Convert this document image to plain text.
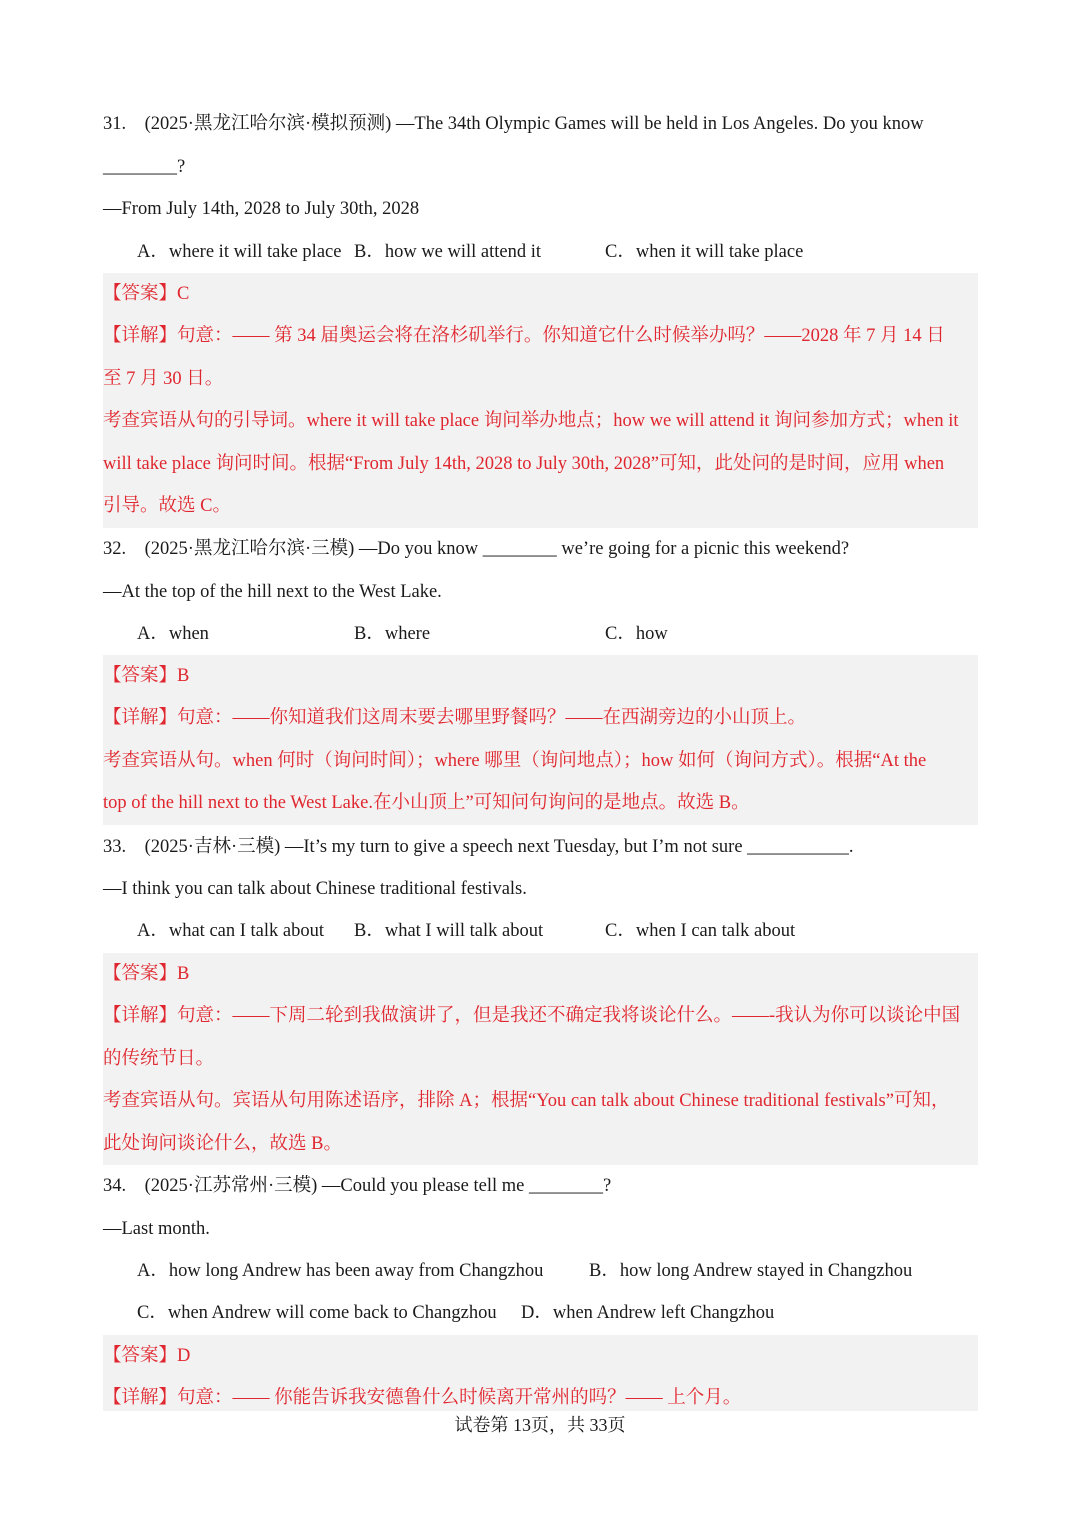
31.　(2025·黑龙江哈尔滨·模拟预测) —The 34th Olympic Games will be held in Los Angeles. Do you know
________?
—From July 14th, 2028 to July 30th, 2028
A．where it will take place B．how we will attend it	C．when it will take place
【答案】C
【详解】句意：—— 第 34 届奥运会将在洛杉矶举行。你知道它什么时候举办吗？——2028 年 7 月 14 日
至 7 月 30 日。
考查宾语从句的引导词。where it will take place 询问举办地点；how we will attend it 询问参加方式；when it
will take place 询问时间。根据“From July 14th, 2028 to July 30th, 2028”可知，此处问的是时间，应用 when
引导。故选 C。
32.　(2025·黑龙江哈尔滨·三模) —Do you know ________ we’re going for a picnic this weekend?
—At the top of the hill next to the West Lake.
A．when	B．where	C．how
【答案】B
【详解】句意：——你知道我们这周末要去哪里野餐吗？——在西湖旁边的小山顶上。
考查宾语从句。when 何时（询问时间）；where 哪里（询问地点）；how 如何（询问方式）。根据“At the
top of the hill next to the West Lake.在小山顶上”可知问句询问的是地点。故选 B。
33.　(2025·吉林·三模) —It’s my turn to give a speech next Tuesday, but I’m not sure ___________.
—I think you can talk about Chinese traditional festivals.
A．what can I talk about B．what I will talk about	C．when I can talk about
【答案】B
【详解】句意：——下周二轮到我做演讲了，但是我还不确定我将谈论什么。——-我认为你可以谈论中国
的传统节日。
考查宾语从句。宾语从句用陈述语序，排除 A；根据“You can talk about Chinese traditional festivals”可知，
此处询问谈论什么，故选 B。
34.　(2025·江苏常州·三模) —Could you please tell me ________?
—Last month.
A．how long Andrew has been away from Changzhou B．how long Andrew stayed in Changzhou
C．when Andrew will come back to Changzhou D．when Andrew left Changzhou
【答案】D
【详解】句意：—— 你能告诉我安德鲁什么时候离开常州的吗？—— 上个月。
试卷第 13页，共 33页
